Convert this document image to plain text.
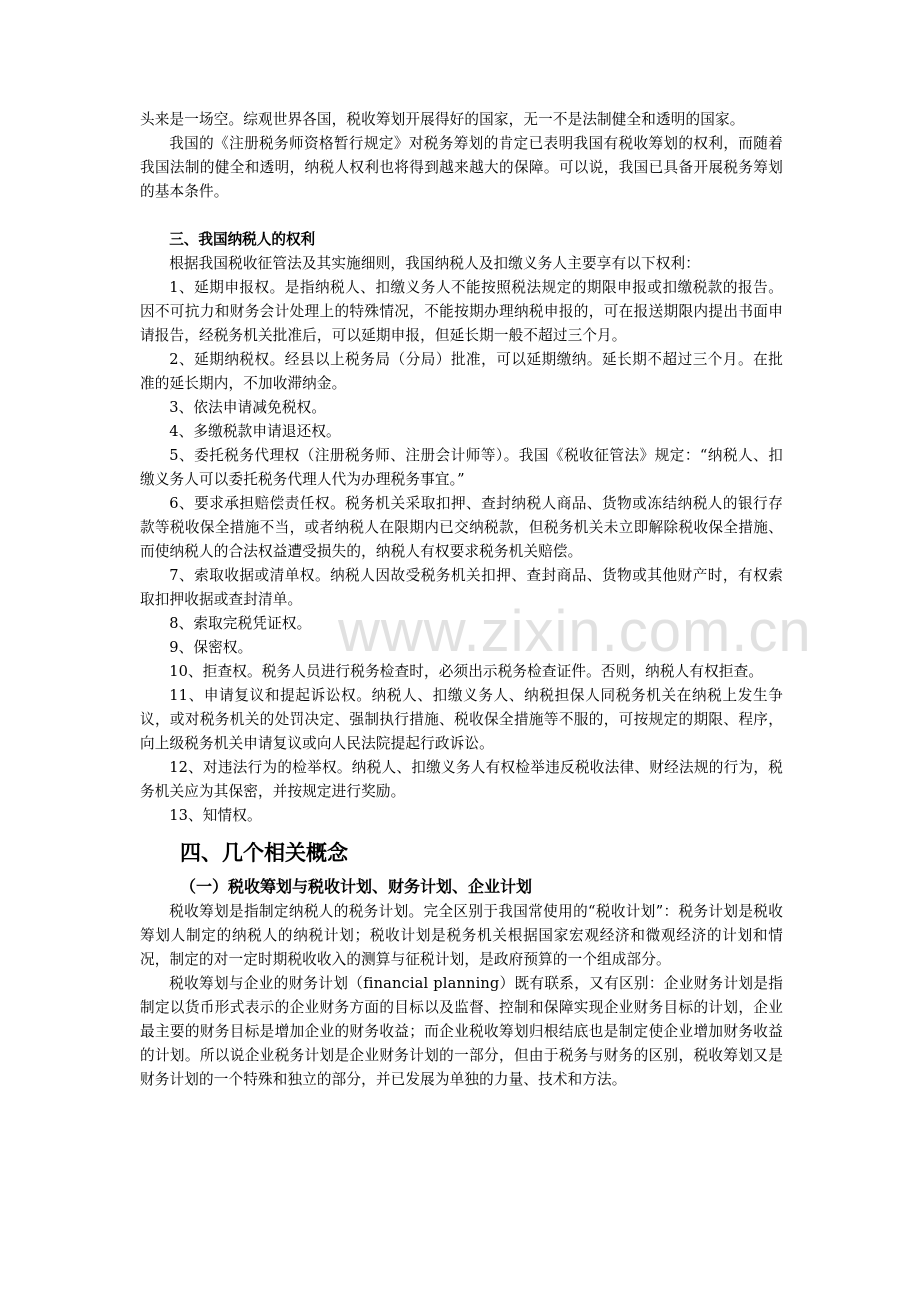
www.zixin.com.cn

头来是一场空。综观世界各国，税收筹划开展得好的国家，无一不是法制健全和透明的国家。

我国的《注册税务师资格暂行规定》对税务筹划的肯定已表明我国有税收筹划的权利，而随着我国法制的健全和透明，纳税人权利也将得到越来越大的保障。可以说，我国已具备开展税务筹划的基本条件。

三、我国纳税人的权利

根据我国税收征管法及其实施细则，我国纳税人及扣缴义务人主要享有以下权利：

1、延期申报权。是指纳税人、扣缴义务人不能按照税法规定的期限申报或扣缴税款的报告。因不可抗力和财务会计处理上的特殊情况，不能按期办理纳税申报的，可在报送期限内提出书面申请报告，经税务机关批准后，可以延期申报，但延长期一般不超过三个月。

2、延期纳税权。经县以上税务局（分局）批准，可以延期缴纳。延长期不超过三个月。在批准的延长期内，不加收滞纳金。

3、依法申请减免税权。

4、多缴税款申请退还权。

5、委托税务代理权（注册税务师、注册会计师等）。我国《税收征管法》规定：“纳税人、扣缴义务人可以委托税务代理人代为办理税务事宜。”

6、要求承担赔偿责任权。税务机关采取扣押、查封纳税人商品、货物或冻结纳税人的银行存款等税收保全措施不当，或者纳税人在限期内已交纳税款，但税务机关未立即解除税收保全措施、而使纳税人的合法权益遭受损失的，纳税人有权要求税务机关赔偿。

7、索取收据或清单权。纳税人因故受税务机关扣押、查封商品、货物或其他财产时，有权索取扣押收据或查封清单。

8、索取完税凭证权。

9、保密权。

10、拒查权。税务人员进行税务检查时，必须出示税务检查证件。否则，纳税人有权拒查。

11、申请复议和提起诉讼权。纳税人、扣缴义务人、纳税担保人同税务机关在纳税上发生争议，或对税务机关的处罚决定、强制执行措施、税收保全措施等不服的，可按规定的期限、程序，向上级税务机关申请复议或向人民法院提起行政诉讼。

12、对违法行为的检举权。纳税人、扣缴义务人有权检举违反税收法律、财经法规的行为，税务机关应为其保密，并按规定进行奖励。

13、知情权。

四、几个相关概念

（一）税收筹划与税收计划、财务计划、企业计划

税收筹划是指制定纳税人的税务计划。完全区别于我国常使用的“税收计划”：税务计划是税收筹划人制定的纳税人的纳税计划；税收计划是税务机关根据国家宏观经济和微观经济的计划和情况，制定的对一定时期税收收入的测算与征税计划，是政府预算的一个组成部分。

税收筹划与企业的财务计划（financial planning）既有联系，又有区别：企业财务计划是指制定以货币形式表示的企业财务方面的目标以及监督、控制和保障实现企业财务目标的计划，企业最主要的财务目标是增加企业的财务收益；而企业税收筹划归根结底也是制定使企业增加财务收益的计划。所以说企业税务计划是企业财务计划的一部分，但由于税务与财务的区别，税收筹划又是财务计划的一个特殊和独立的部分，并已发展为单独的力量、技术和方法。
